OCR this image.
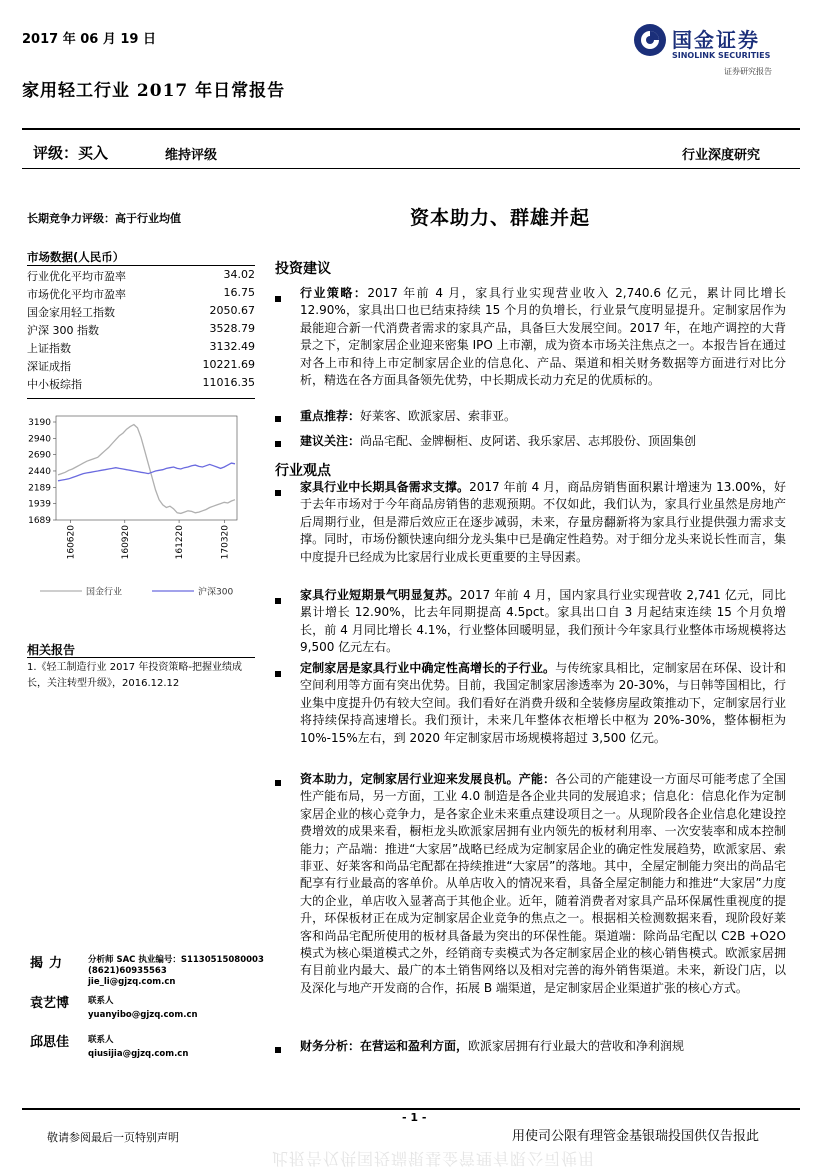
2017 年 06 月 19 日
家用轻工行业 2017 年日常报告
国金证券
SINOLINK SECURITIES
证券研究报告
评级：买入	维持评级	行业深度研究
长期竞争力评级：高于行业均值	资本助力、群雄并起
市场数据(人民币）
行业优化平均市盈率	34.02
市场优化平均市盈率	16.75
国金家用轻工指数	2050.67
沪深 300 指数	3528.79
上证指数	3132.49
深证成指	10221.69
中小板综指	11016.35
3190
2940
2690
2440
2189
1939
1689
160620	160920	161220	170320
国金行业	沪深300
相关报告
1.《轻工制造行业 2017 年投资策略-把握业绩成长，关注转型升级》，2016.12.12
揭力 分析师 SAC 执业编号：S1130515080003
(8621)60935563
jie_li@gjzq.com.cn
袁艺博 联系人
yuanyibo@gjzq.com.cn
邱思佳 联系人
qiusijia@gjzq.com.cn
投资建议
行业策略：2017 年前 4 月，家具行业实现营业收入 2,740.6 亿元，累计同比增长 12.90%，家具出口也已结束持续 15 个月的负增长，行业景气度明显提升。定制家居作为最能迎合新一代消费者需求的家具产品，具备巨大发展空间。2017 年，在地产调控的大背景之下，定制家居企业迎来密集 IPO 上市潮，成为资本市场关注焦点之一。本报告旨在通过对各上市和待上市定制家居企业的信息化、产品、渠道和相关财务数据等方面进行对比分析，精选在各方面具备领先优势，中长期成长动力充足的优质标的。
重点推荐：好莱客、欧派家居、索菲亚。
建议关注：尚品宅配、金牌橱柜、皮阿诺、我乐家居、志邦股份、顶固集创
行业观点
家具行业中长期具备需求支撑。2017 年前 4 月，商品房销售面积累计增速为 13.00%，好于去年市场对于今年商品房销售的悲观预期。不仅如此，我们认为，家具行业虽然是房地产后周期行业，但是滞后效应正在逐步减弱，未来，存量房翻新将为家具行业提供强力需求支撑。同时，市场份额快速向细分龙头集中已是确定性趋势。对于细分龙头来说长性而言，集中度提升已经成为比家居行业成长更重要的主导因素。
家具行业短期景气明显复苏。2017 年前 4 月，国内家具行业实现营收 2,741 亿元，同比累计增长 12.90%，比去年同期提高 4.5pct。家具出口自 3 月起结束连续 15 个月负增长，前 4 月同比增长 4.1%，行业整体回暖明显，我们预计今年家具行业整体市场规模将达 9,500 亿元左右。
定制家居是家具行业中确定性高增长的子行业。与传统家具相比，定制家居在环保、设计和空间利用等方面有突出优势。目前，我国定制家居渗透率为 20-30%，与日韩等国相比，行业集中度提升仍有较大空间。我们看好在消费升级和全装修房屋政策推动下，定制家居行业将持续保持高速增长。我们预计，未来几年整体衣柜增长中枢为 20%-30%，整体橱柜为 10%-15%左右，到 2020 年定制家居市场规模将超过 3,500 亿元。
资本助力，定制家居行业迎来发展良机。产能：各公司的产能建设一方面尽可能考虑了全国性产能布局，另一方面，工业 4.0 制造是各企业共同的发展追求；信息化：信息化作为定制家居企业的核心竞争力，是各家企业未来重点建设项目之一。从现阶段各企业信息化建设控费增效的成果来看，橱柜龙头欧派家居拥有业内领先的板材利用率、一次安装率和成本控制能力；产品端：推进“大家居”战略已经成为定制家居企业的确定性发展趋势，欧派家居、索菲亚、好莱客和尚品宅配都在持续推进“大家居”的落地。其中，全屋定制能力突出的尚品宅配享有行业最高的客单价。从单店收入的情况来看，具备全屋定制能力和推进“大家居”力度大的企业，单店收入显著高于其他企业。近年，随着消费者对家具产品环保属性重视度的提升，环保板材正在成为定制家居企业竞争的焦点之一。根据相关检测数据来看，现阶段好莱客和尚品宅配所使用的板材具备最为突出的环保性能。渠道端：除尚品宅配以 C2B +O2O 模式为核心渠道模式之外，经销商专卖模式为各定制家居企业的核心销售模式。欧派家居拥有目前业内最大、最广的本土销售网络以及相对完善的海外销售渠道。未来，新设门店，以及深化与地产开发商的合作，拓展 B 端渠道，是定制家居企业渠道扩张的核心方式。
财务分析：在营运和盈利方面，欧派家居拥有行业最大的营收和净利润规
- 1 -
敬请参阅最后一页特别声明	用使司公限有理管金基银瑞投国供仅告报此
此报告仅供国投瑞银基金管理有限公司使用
